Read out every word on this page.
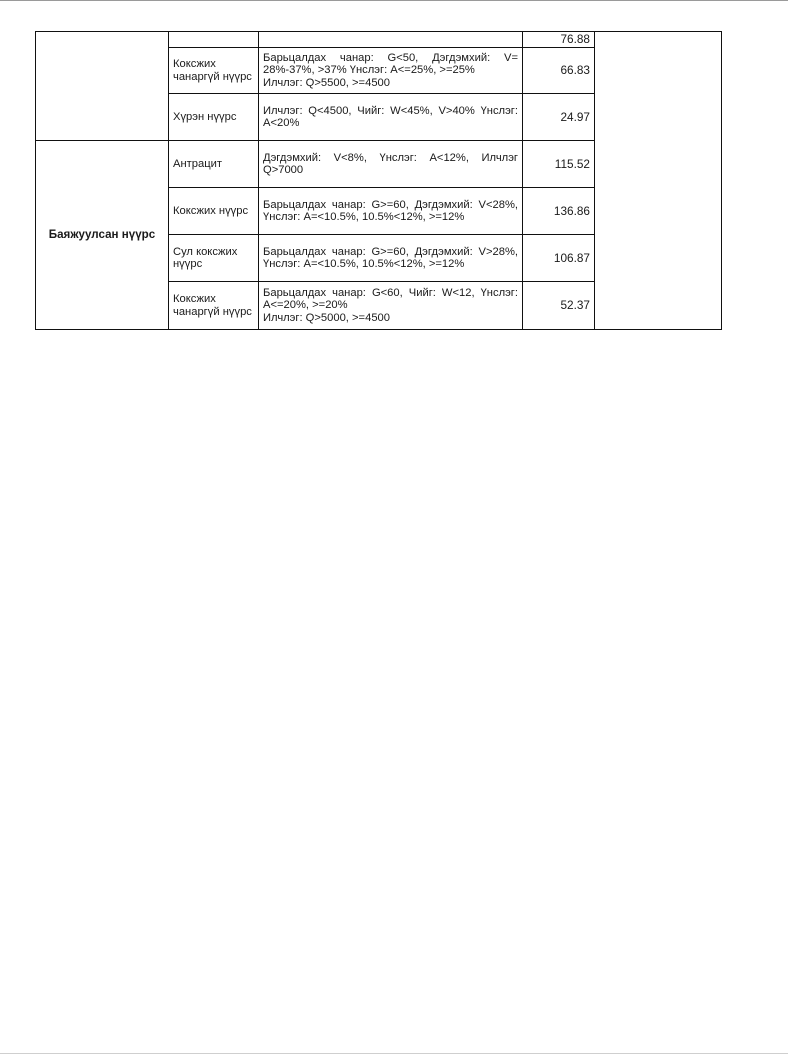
			76.88	
	Коксжих чанаргүй нүүрс	Барьцалдах чанар: G<50, Дэгдэмхий: V= 28%-37%, >37% Үнслэг: A<=25%, >=25%
Илчлэг: Q>5500, >=4500	66.83	
	Хүрэн нүүрс	Илчлэг: Q<4500, Чийг: W<45%, V>40% Үнслэг: A<20%	24.97	
Баяжуулсан нүүрс	Антрацит	Дэгдэмхий: V<8%, Үнслэг: A<12%, Илчлэг Q>7000	115.52	
	Коксжих нүүрс	Барьцалдах чанар: G>=60, Дэгдэмхий: V<28%, Үнслэг: A=<10.5%, 10.5%<12%, >=12%	136.86	
	Сул коксжих нүүрс	Барьцалдах чанар: G>=60, Дэгдэмхий: V>28%, Үнслэг: A=<10.5%, 10.5%<12%, >=12%	106.87	
	Коксжих чанаргүй нүүрс	Барьцалдах чанар: G<60, Чийг: W<12, Үнслэг: A<=20%, >=20%
Илчлэг: Q>5000, >=4500	52.37	
